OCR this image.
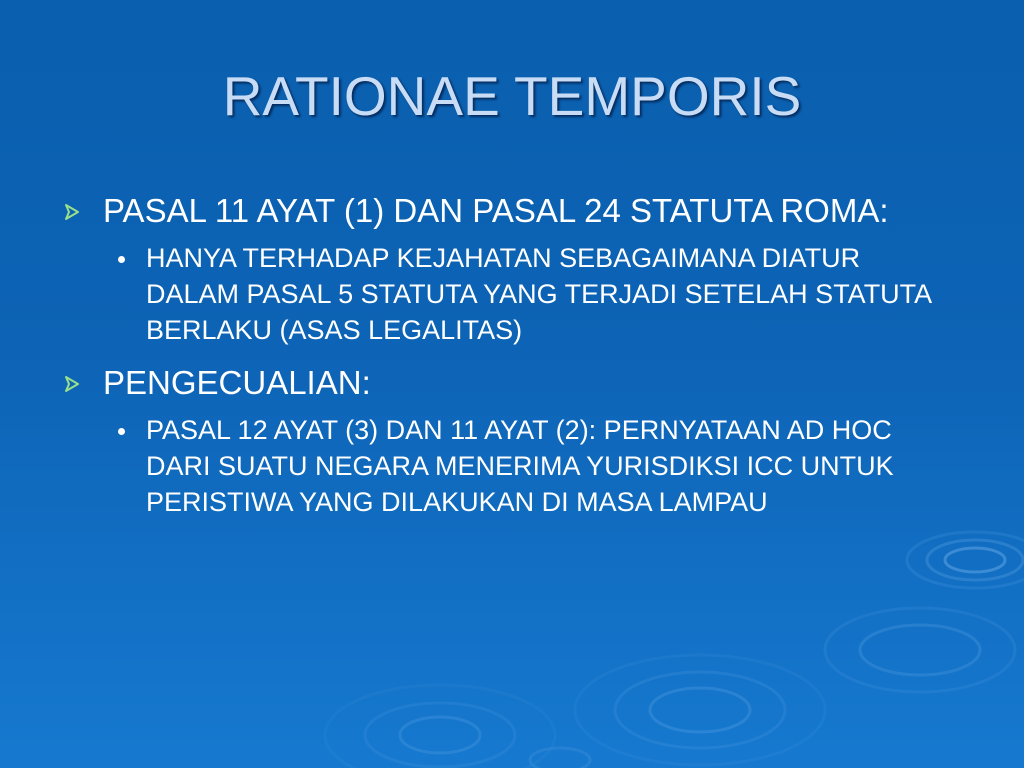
RATIONAE TEMPORIS
PASAL 11 AYAT (1) DAN PASAL 24 STATUTA ROMA:
HANYA TERHADAP KEJAHATAN SEBAGAIMANA DIATUR DALAM PASAL 5 STATUTA YANG TERJADI SETELAH STATUTA BERLAKU (ASAS LEGALITAS)
PENGECUALIAN:
PASAL 12 AYAT (3) DAN 11 AYAT (2): PERNYATAAN AD HOC DARI SUATU NEGARA MENERIMA YURISDIKSI ICC UNTUK PERISTIWA YANG DILAKUKAN DI MASA LAMPAU
